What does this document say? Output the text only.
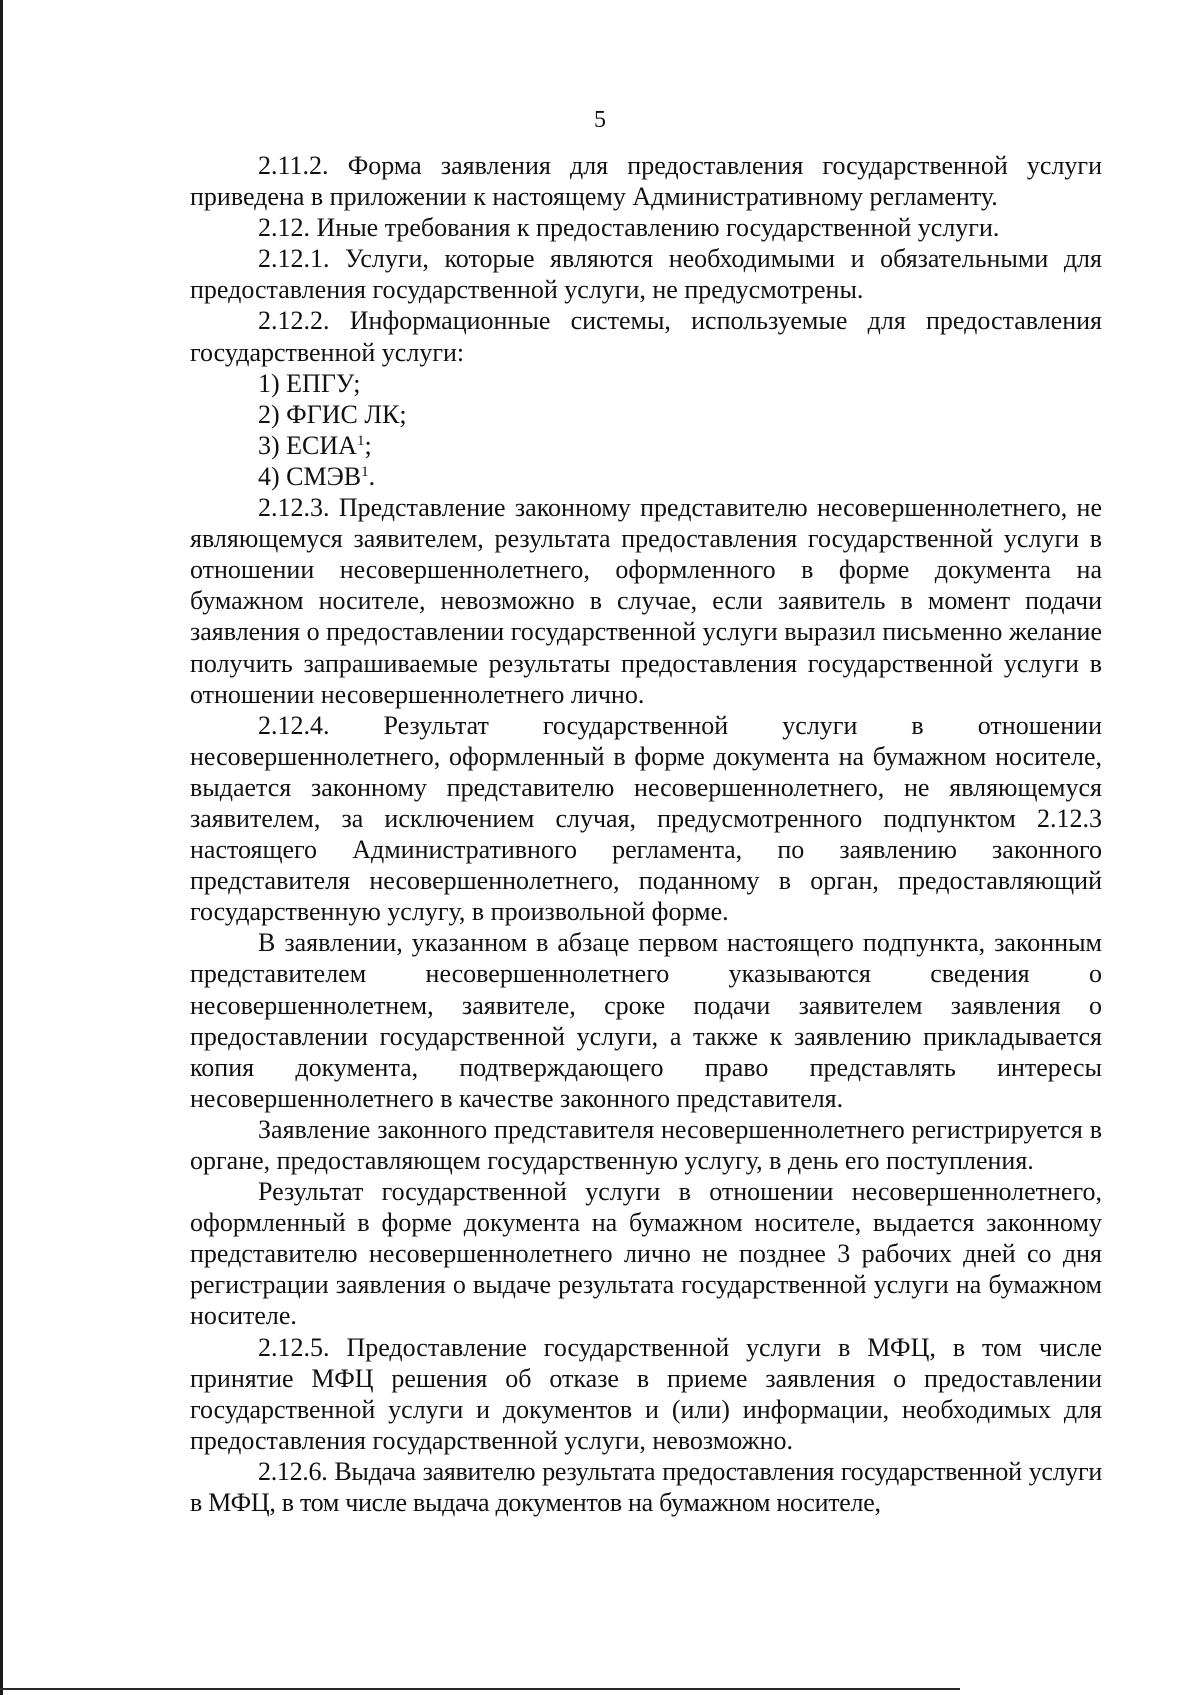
5

2.11.2. Форма заявления для предоставления государственной услуги приведена в приложении к настоящему Административному регламенту.

2.12. Иные требования к предоставлению государственной услуги.

2.12.1. Услуги, которые являются необходимыми и обязательными для предоставления государственной услуги, не предусмотрены.

2.12.2. Информационные системы, используемые для предоставления государственной услуги:

1) ЕПГУ;

2) ФГИС ЛК;

3) ЕСИА$^1$;

4) СМЭВ$^1$.

2.12.3. Представление законному представителю несовершеннолетнего, не являющемуся заявителем, результата предоставления государственной услуги в отношении несовершеннолетнего, оформленного в форме документа на бумажном носителе, невозможно в случае, если заявитель в момент подачи заявления о предоставлении государственной услуги выразил письменно желание получить запрашиваемые результаты предоставления государственной услуги в отношении несовершеннолетнего лично.

2.12.4. Результат государственной услуги в отношении несовершеннолетнего, оформленный в форме документа на бумажном носителе, выдается законному представителю несовершеннолетнего, не являющемуся заявителем, за исключением случая, предусмотренного подпунктом 2.12.3 настоящего Административного регламента, по заявлению законного представителя несовершеннолетнего, поданному в орган, предоставляющий государственную услугу, в произвольной форме.

В заявлении, указанном в абзаце первом настоящего подпункта, законным представителем несовершеннолетнего указываются сведения о несовершеннолетнем, заявителе, сроке подачи заявителем заявления о предоставлении государственной услуги, а также к заявлению прикладывается копия документа, подтверждающего право представлять интересы несовершеннолетнего в качестве законного представителя.

Заявление законного представителя несовершеннолетнего регистрируется в органе, предоставляющем государственную услугу, в день его поступления.

Результат государственной услуги в отношении несовершеннолетнего, оформленный в форме документа на бумажном носителе, выдается законному представителю несовершеннолетнего лично не позднее 3 рабочих дней со дня регистрации заявления о выдаче результата государственной услуги на бумажном носителе.

2.12.5. Предоставление государственной услуги в МФЦ, в том числе принятие МФЦ решения об отказе в приеме заявления о предоставлении государственной услуги и документов и (или) информации, необходимых для предоставления государственной услуги, невозможно.

2.12.6. Выдача заявителю результата предоставления государственной услуги в МФЦ, в том числе выдача документов на бумажном носителе,
